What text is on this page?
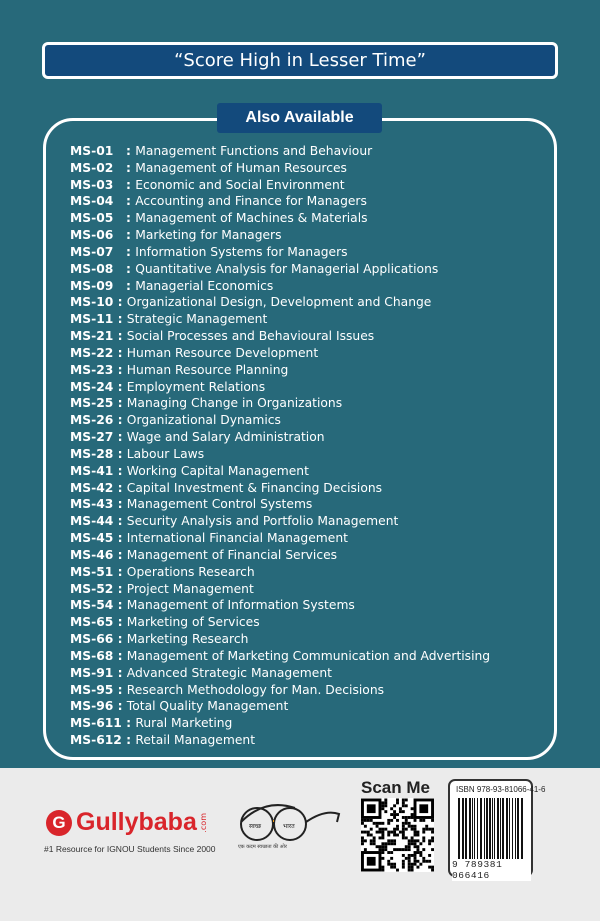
“Score High in Lesser Time”
Also Available
MS-01 : Management Functions and Behaviour
MS-02 : Management of Human Resources
MS-03 : Economic and Social Environment
MS-04 : Accounting and Finance for Managers
MS-05 : Management of Machines & Materials
MS-06 : Marketing for Managers
MS-07 : Information Systems for Managers
MS-08 : Quantitative Analysis for Managerial Applications
MS-09 : Managerial Economics
MS-10 : Organizational Design, Development and Change
MS-11 : Strategic Management
MS-21 : Social Processes and Behavioural Issues
MS-22 : Human Resource Development
MS-23 : Human Resource Planning
MS-24 : Employment Relations
MS-25 : Managing Change in Organizations
MS-26 : Organizational Dynamics
MS-27 : Wage and Salary Administration
MS-28 : Labour Laws
MS-41 : Working Capital Management
MS-42 : Capital Investment & Financing Decisions
MS-43 : Management Control Systems
MS-44 : Security Analysis and Portfolio Management
MS-45 : International Financial Management
MS-46 : Management of Financial Services
MS-51 : Operations Research
MS-52 : Project Management
MS-54 : Management of Information Systems
MS-65 : Marketing of Services
MS-66 : Marketing Research
MS-68 : Management of Marketing Communication and Advertising
MS-91 : Advanced Strategic Management
MS-95 : Research Methodology for Man. Decisions
MS-96 : Total Quality Management
MS-611 : Rural Marketing
MS-612 : Retail Management
G Gullybaba .com
#1 Resource for IGNOU Students Since 2000
स्वच्छ	भारत
एक कदम स्वच्छता की ओर
Scan Me	ISBN 978-93-81066-41-6
9 789381 066416
